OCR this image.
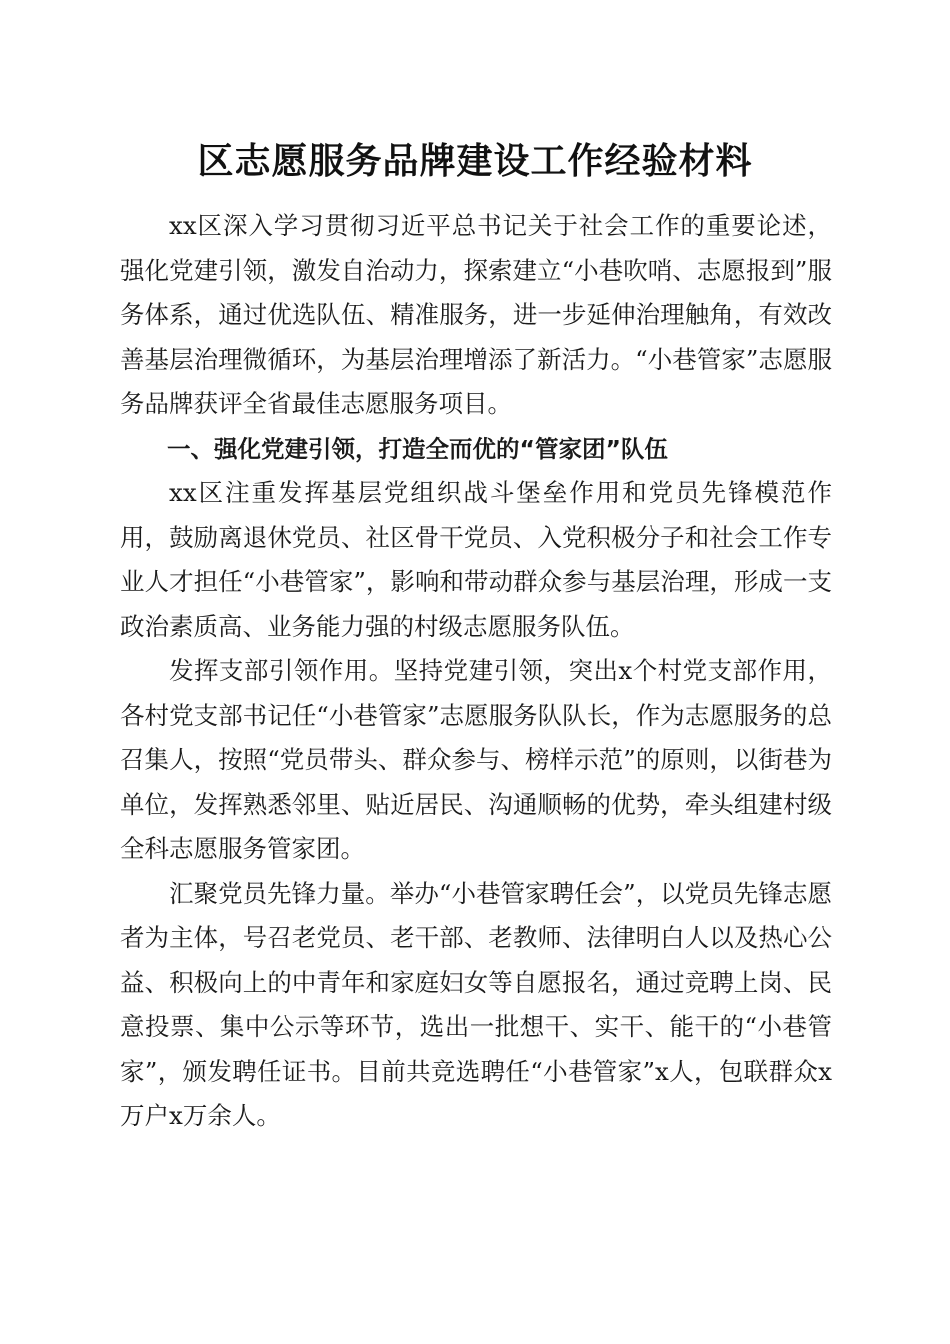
区志愿服务品牌建设工作经验材料

xx区深入学习贯彻习近平总书记关于社会工作的重要论述，强化党建引领，激发自治动力，探索建立“小巷吹哨、志愿报到”服务体系，通过优选队伍、精准服务，进一步延伸治理触角，有效改善基层治理微循环，为基层治理增添了新活力。“小巷管家”志愿服务品牌获评全省最佳志愿服务项目。

一、强化党建引领，打造全而优的“管家团”队伍

xx区注重发挥基层党组织战斗堡垒作用和党员先锋模范作用，鼓励离退休党员、社区骨干党员、入党积极分子和社会工作专业人才担任“小巷管家”，影响和带动群众参与基层治理，形成一支政治素质高、业务能力强的村级志愿服务队伍。

发挥支部引领作用。坚持党建引领，突出x个村党支部作用，各村党支部书记任“小巷管家”志愿服务队队长，作为志愿服务的总召集人，按照“党员带头、群众参与、榜样示范”的原则，以街巷为单位，发挥熟悉邻里、贴近居民、沟通顺畅的优势，牵头组建村级全科志愿服务管家团。

汇聚党员先锋力量。举办“小巷管家聘任会”，以党员先锋志愿者为主体，号召老党员、老干部、老教师、法律明白人以及热心公益、积极向上的中青年和家庭妇女等自愿报名，通过竞聘上岗、民意投票、集中公示等环节，选出一批想干、实干、能干的“小巷管家”，颁发聘任证书。目前共竞选聘任“小巷管家”x人，包联群众x万户x万余人。
